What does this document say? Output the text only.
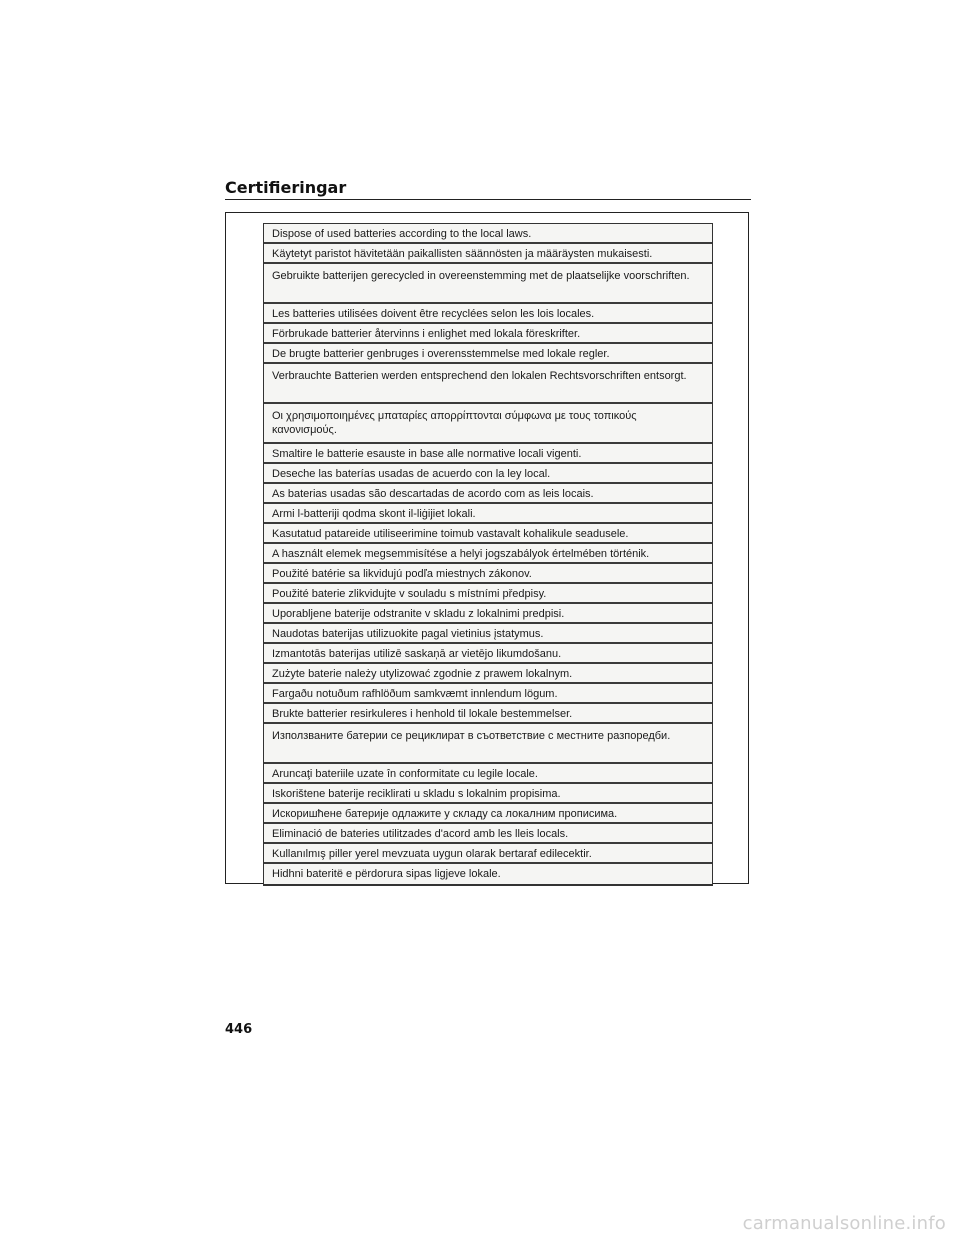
Certifieringar
Dispose of used batteries according to the local laws.
Käytetyt paristot hävitetään paikallisten säännösten ja määräysten mukaisesti.
Gebruikte batterijen gerecycled in overeenstemming met de plaatselijke voorschriften.
Les batteries utilisées doivent être recyclées selon les lois locales.
Förbrukade batterier återvinns i enlighet med lokala föreskrifter.
De brugte batterier genbruges i overensstemmelse med lokale regler.
Verbrauchte Batterien werden entsprechend den lokalen Rechtsvorschriften entsorgt.
Οι χρησιμοποιημένες μπαταρίες απορρίπτονται σύμφωνα με τους τοπικούς κανονισμούς.
Smaltire le batterie esauste in base alle normative locali vigenti.
Deseche las baterías usadas de acuerdo con la ley local.
As baterias usadas são descartadas de acordo com as leis locais.
Armi l-batteriji qodma skont il-liġijiet lokali.
Kasutatud patareide utiliseerimine toimub vastavalt kohalikule seadusele.
A használt elemek megsemmisítése a helyi jogszabályok értelmében történik.
Použité batérie sa likvidujú podľa miestnych zákonov.
Použité baterie zlikvidujte v souladu s místními předpisy.
Uporabljene baterije odstranite v skladu z lokalnimi predpisi.
Naudotas baterijas utilizuokite pagal vietinius įstatymus.
Izmantotās baterijas utilizē saskaņā ar vietējo likumdošanu.
Zużyte baterie należy utylizować zgodnie z prawem lokalnym.
Fargaðu notuðum rafhlöðum samkvæmt innlendum lögum.
Brukte batterier resirkuleres i henhold til lokale bestemmelser.
Използваните батерии се рециклират в съответствие с местните разпоредби.
Aruncaţi bateriile uzate în conformitate cu legile locale.
Iskorištene baterije reciklirati u skladu s lokalnim propisima.
Искоришћене батерије одлажите у складу са локалним прописима.
Eliminació de bateries utilitzades d'acord amb les lleis locals.
Kullanılmış piller yerel mevzuata uygun olarak bertaraf edilecektir.
Hidhni bateritë e përdorura sipas ligjeve lokale.
446
carmanualsonline.info
